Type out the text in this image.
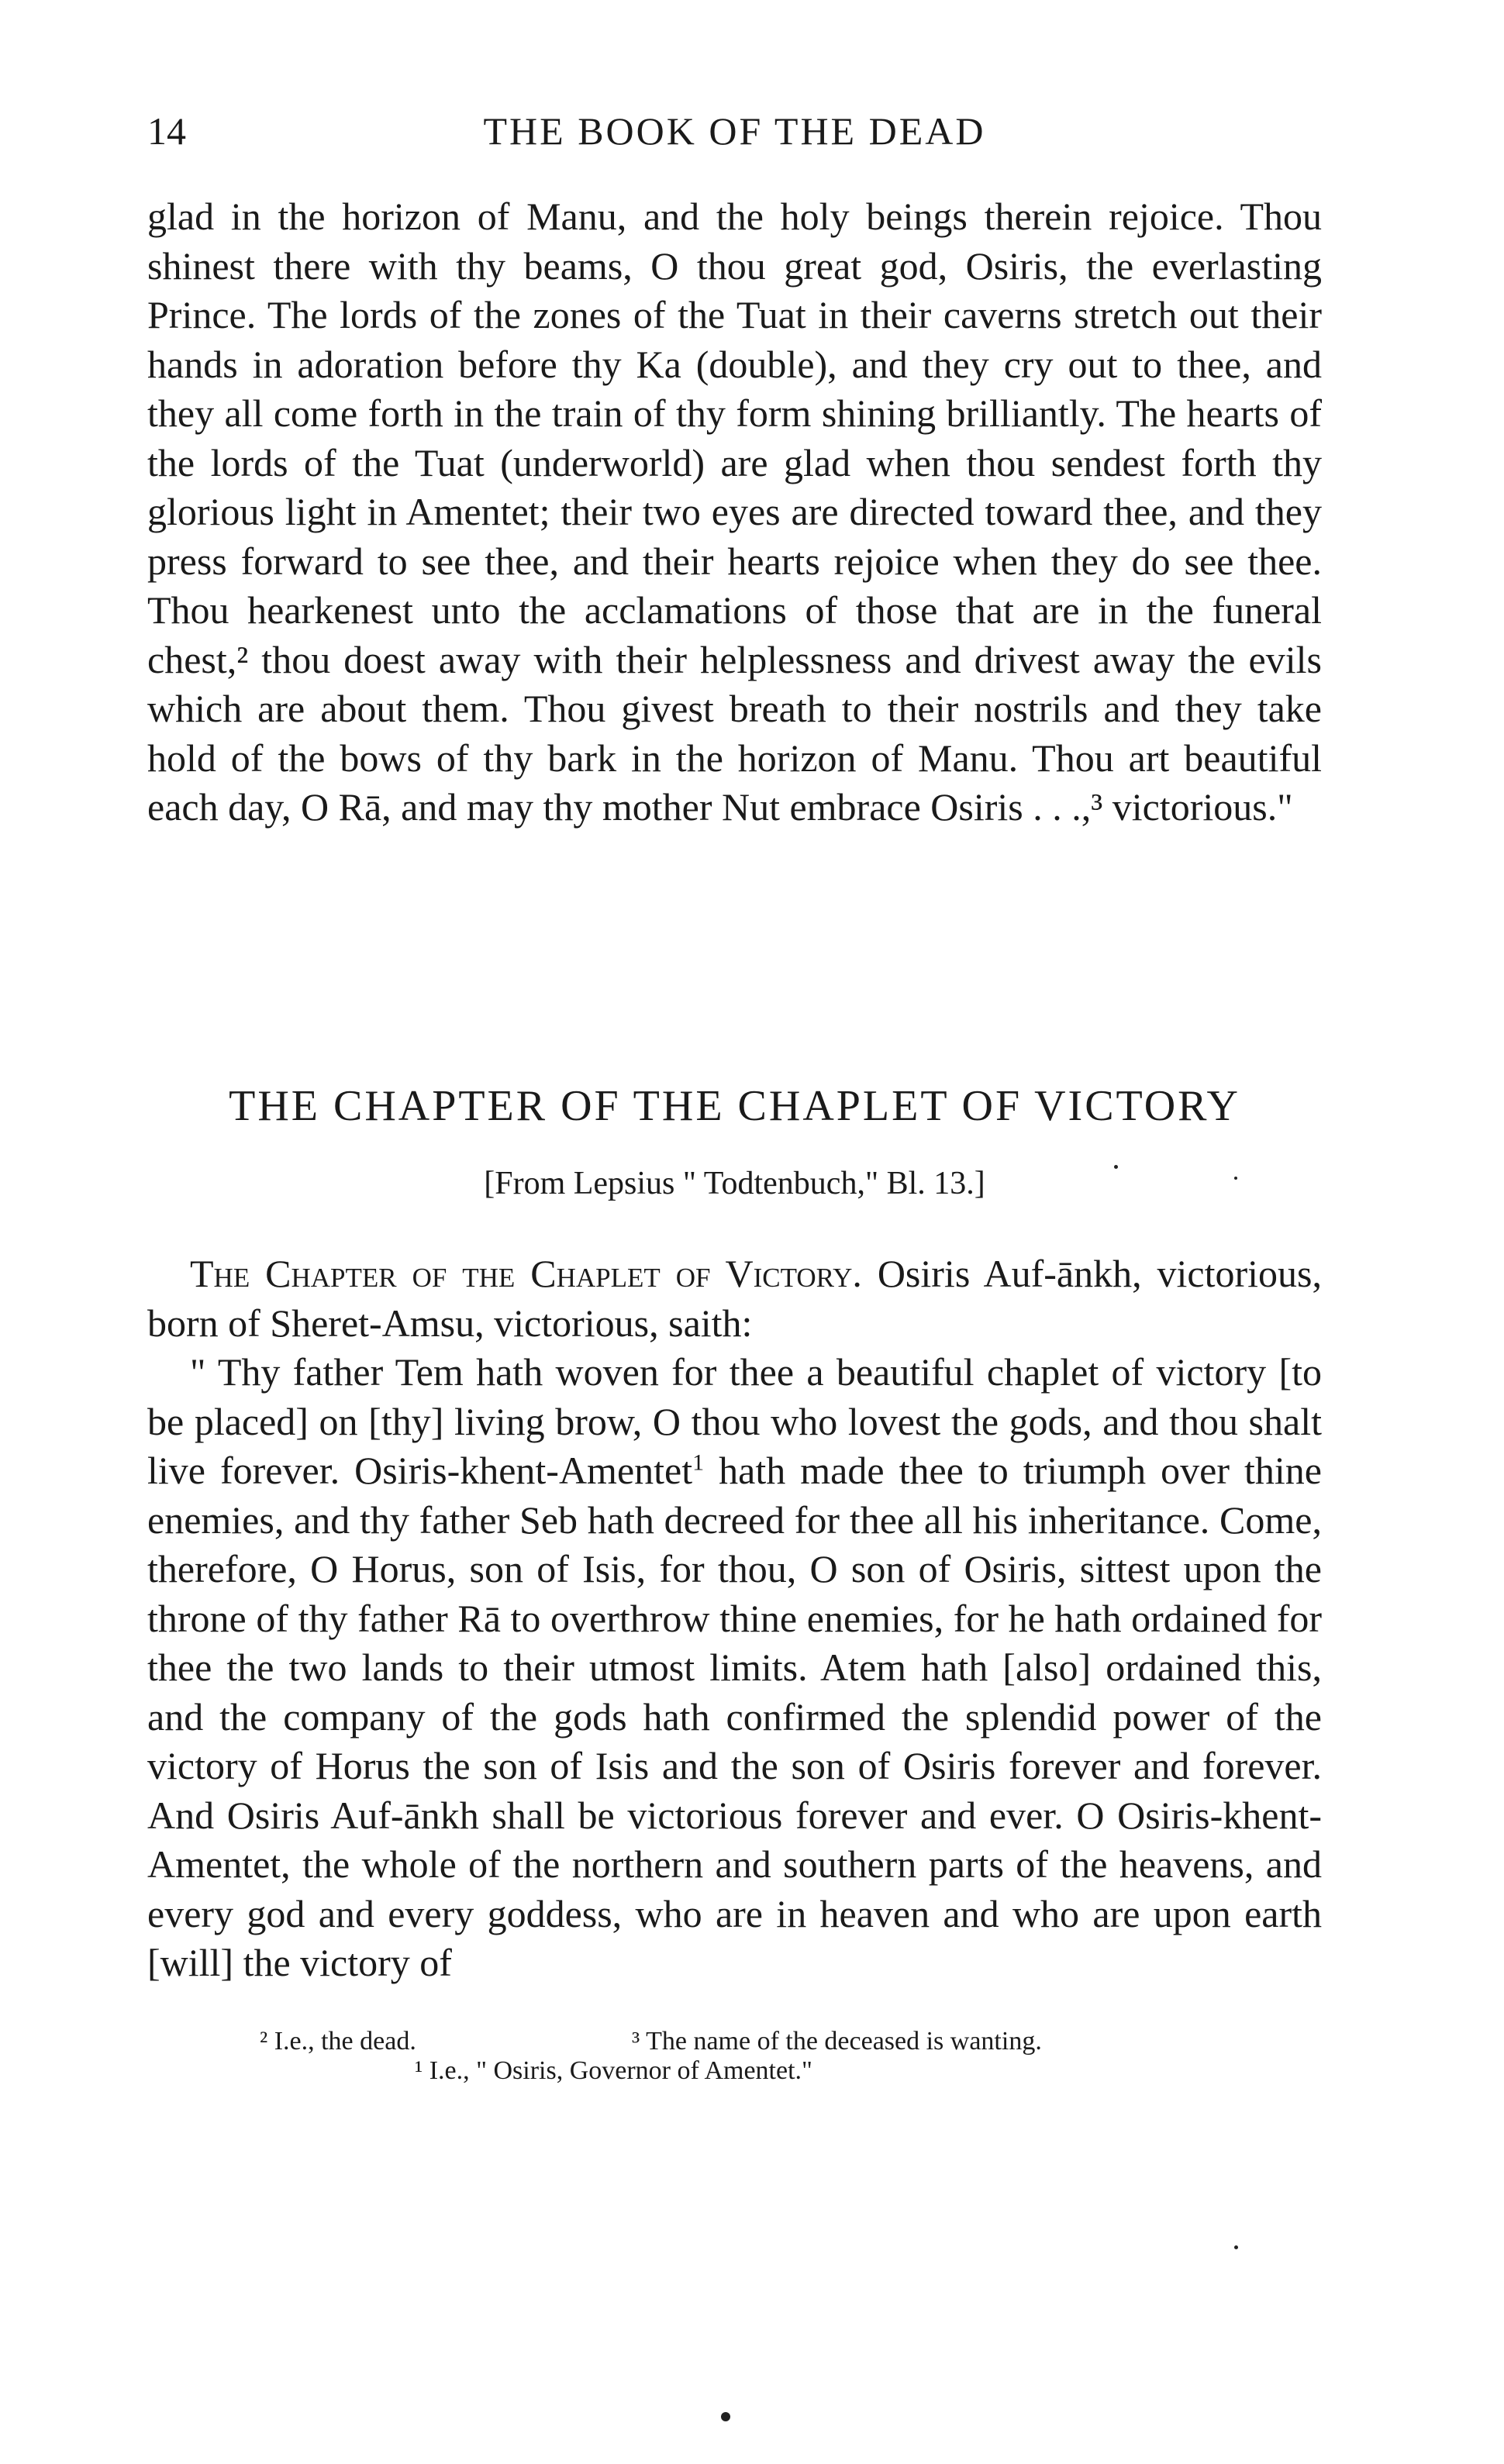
14	THE BOOK OF THE DEAD

glad in the horizon of Manu, and the holy beings therein rejoice. Thou shinest there with thy beams, O thou great god, Osiris, the everlasting Prince. The lords of the zones of the Tuat in their caverns stretch out their hands in adoration before thy Ka (double), and they cry out to thee, and they all come forth in the train of thy form shining brilliantly. The hearts of the lords of the Tuat (underworld) are glad when thou sendest forth thy glorious light in Amentet; their two eyes are directed toward thee, and they press forward to see thee, and their hearts rejoice when they do see thee. Thou hearkenest unto the acclamations of those that are in the funeral chest,² thou doest away with their helplessness and drivest away the evils which are about them. Thou givest breath to their nostrils and they take hold of the bows of thy bark in the horizon of Manu. Thou art beautiful each day, O Rā, and may thy mother Nut embrace Osiris . . .,³ victorious."

THE CHAPTER OF THE CHAPLET OF VICTORY
[From Lepsius " Todtenbuch," Bl. 13.]

The Chapter of the Chaplet of Victory. Osiris Auf-ānkh, victorious, born of Sheret-Amsu, victorious, saith:

" Thy father Tem hath woven for thee a beautiful chaplet of victory [to be placed] on [thy] living brow, O thou who lovest the gods, and thou shalt live forever. Osiris-khent-Amentet$^1$ hath made thee to triumph over thine enemies, and thy father Seb hath decreed for thee all his inheritance. Come, therefore, O Horus, son of Isis, for thou, O son of Osiris, sittest upon the throne of thy father Rā to overthrow thine enemies, for he hath ordained for thee the two lands to their utmost limits. Atem hath [also] ordained this, and the company of the gods hath confirmed the splendid power of the victory of Horus the son of Isis and the son of Osiris forever and forever. And Osiris Auf-ānkh shall be victorious forever and ever. O Osiris-khent-Amentet, the whole of the northern and southern parts of the heavens, and every god and every goddess, who are in heaven and who are upon earth [will] the victory of

² I.e., the dead.	³ The name of the deceased is wanting.
¹ I.e., " Osiris, Governor of Amentet."
